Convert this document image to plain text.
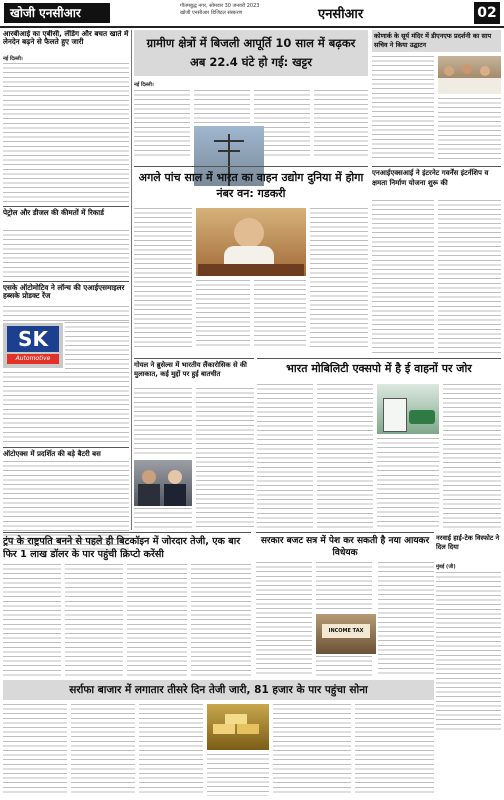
खोजी एनसीआर	गौतमबुद्ध नगर, सोमवार 30 जनवरी 2023
खोजी एनसीआर डिजिटल संस्करण	एनसीआर	02
आरबीआई का एबीसी, लेंडिंग और बचत खाते में लेनदेन बढ़ने से फैलते हुए जारी
नई दिल्ली।
पेट्रोल और डीजल की कीमतों में रिकार्ड
एसके ऑटोमोटिव ने लॉन्च की एआईएसमाइलर हब्सके प्रोडक्ट रेंज
SK
Automotive
ऑटोएक्स में प्रदर्शित की बड़े बैटरी बस
ग्रामीण क्षेत्रों में बिजली आपूर्ति 10 साल में बढ़कर अब 22.4 घंटे हो गई: खट्टर
नई दिल्ली।
अगले पांच साल में भारत का वाहन उद्योग दुनिया में होगा नंबर वन: गडकरी
गोयल ने ब्रुसेल्स में भारतीय लैंकारोसिक से की मुलाकात, कई मुद्दों पर हुई बातचीत	भारत मोबिलिटी एक्सपो में है ई वाहनों पर जोर
कोणार्क के सूर्य मंदिर में डीएनएफ प्रदर्शनी का साप सचिव ने किया उद्घाटन
एनआईएक्सआई ने इंटरनेट गवर्नेंस इंटर्नशिप व क्षमता निर्माण योजना शुरू की
नरवाई हाई-टेक विस्फोट ने दिल दिया
मुंबई (जी)
ट्रंप के राष्ट्रपति बनने से पहले ही बिटकॉइन में जोरदार तेजी, एक बार फिर 1 लाख डॉलर के पार पहुंची क्रिप्टो करेंसी
सरकार बजट सत्र में पेश कर सकती है नया आयकर विधेयक
INCOME TAX
सर्राफा बाजार में लगातार तीसरे दिन तेजी जारी, 81 हजार के पार पहुंचा सोना
